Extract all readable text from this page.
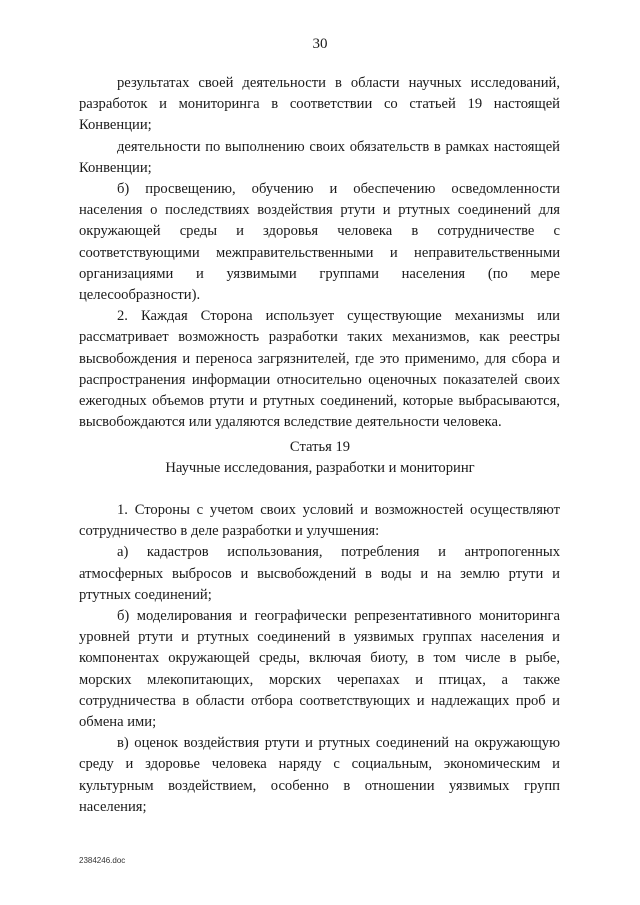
30

результатах своей деятельности в области научных исследований, разработок и мониторинга в соответствии со статьей 19 настоящей Конвенции;

деятельности по выполнению своих обязательств в рамках настоящей Конвенции;

б) просвещению, обучению и обеспечению осведомленности населения о последствиях воздействия ртути и ртутных соединений для окружающей среды и здоровья человека в сотрудничестве с соответствующими межправительственными и неправительственными организациями и уязвимыми группами населения (по мере целесообразности).

2. Каждая Сторона использует существующие механизмы или рассматривает возможность разработки таких механизмов, как реестры высвобождения и переноса загрязнителей, где это применимо, для сбора и распространения информации относительно оценочных показателей своих ежегодных объемов ртути и ртутных соединений, которые выбрасываются, высвобождаются или удаляются вследствие деятельности человека.

Статья 19
Научные исследования, разработки и мониторинг

1. Стороны с учетом своих условий и возможностей осуществляют сотрудничество в деле разработки и улучшения:

а) кадастров использования, потребления и антропогенных атмосферных выбросов и высвобождений в воды и на землю ртути и ртутных соединений;

б) моделирования и географически репрезентативного мониторинга уровней ртути и ртутных соединений в уязвимых группах населения и компонентах окружающей среды, включая биоту, в том числе в рыбе, морских млекопитающих, морских черепахах и птицах, а также сотрудничества в области отбора соответствующих и надлежащих проб и обмена ими;

в) оценок воздействия ртути и ртутных соединений на окружающую среду и здоровье человека наряду с социальным, экономическим и культурным воздействием, особенно в отношении уязвимых групп населения;

2384246.doc
